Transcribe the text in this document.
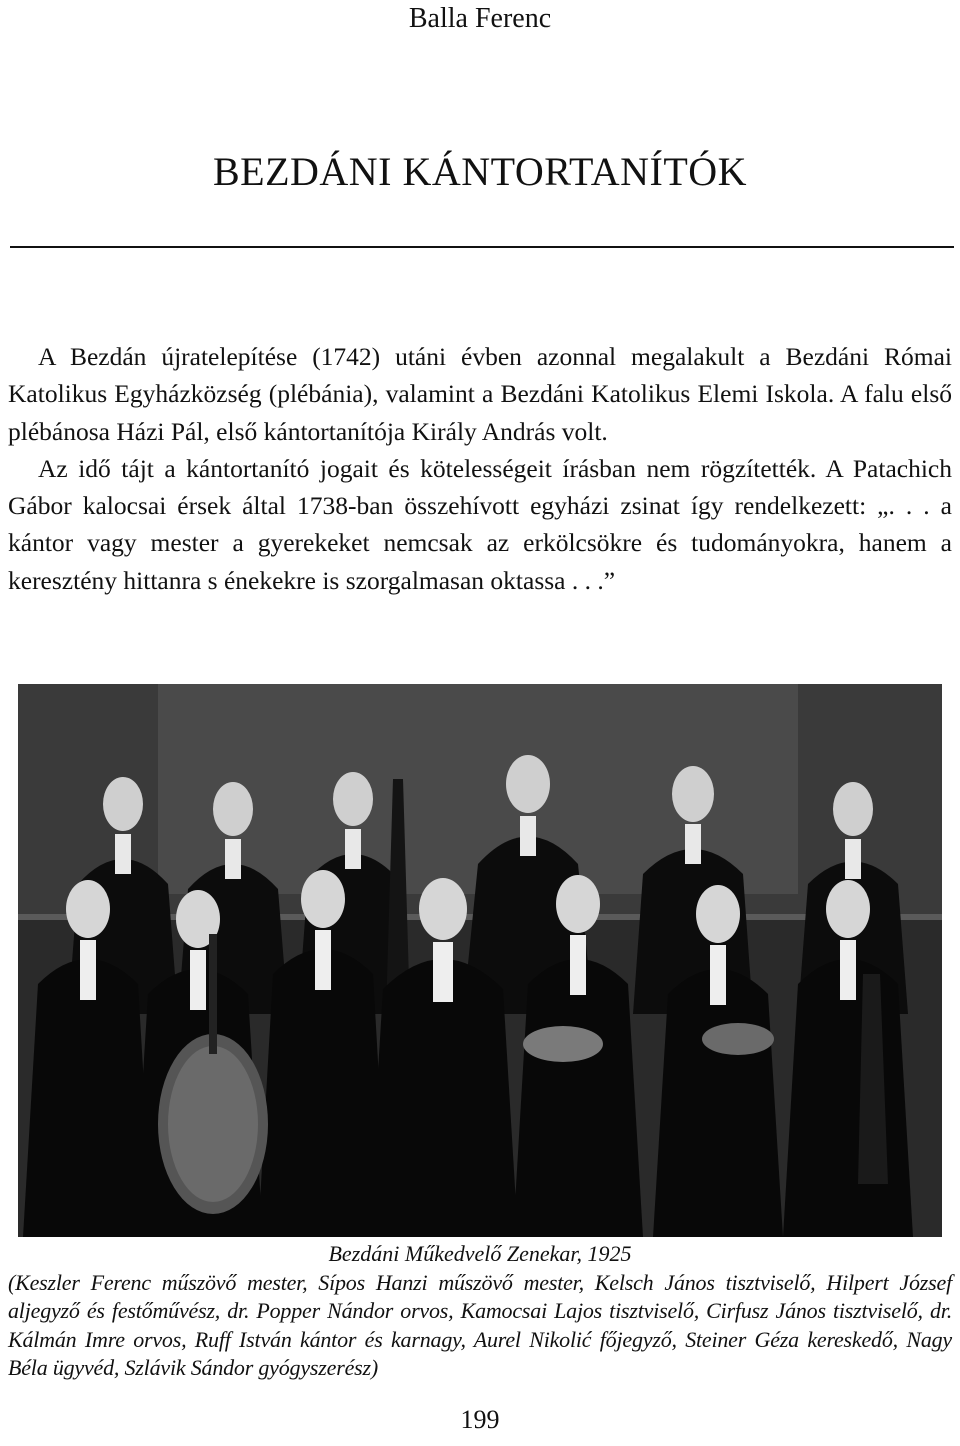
Balla Ferenc
BEZDÁNI KÁNTORTANÍTÓK

A Bezdán újratelepítése (1742) utáni évben azonnal megalakult a Bezdáni Római Katolikus Egyházközség (plébánia), valamint a Bezdáni Katolikus Elemi Iskola. A falu első plébánosa Házi Pál, első kántortanítója Király András volt.

Az idő tájt a kántortanító jogait és kötelességeit írásban nem rögzítették. A Patachich Gábor kalocsai érsek által 1738-ban összehívott egyházi zsinat így rendelkezett: „. . . a kántor vagy mester a gyerekeket nemcsak az erkölcsökre és tudományokra, hanem a keresztény hittanra s énekekre is szorgalmasan oktassa . . .”

Bezdáni Műkedvelő Zenekar, 1925
(Keszler Ferenc műszövő mester, Sípos Hanzi műszövő mester, Kelsch János tisztviselő, Hilpert József aljegyző és festőművész, dr. Popper Nándor orvos, Kamocsai Lajos tisztviselő, Cirfusz János tisztviselő, dr. Kálmán Imre orvos, Ruff István kántor és karnagy, Aurel Nikolić főjegyző, Steiner Géza kereskedő, Nagy Béla ügyvéd, Szlávik Sándor gyógyszerész)
199
